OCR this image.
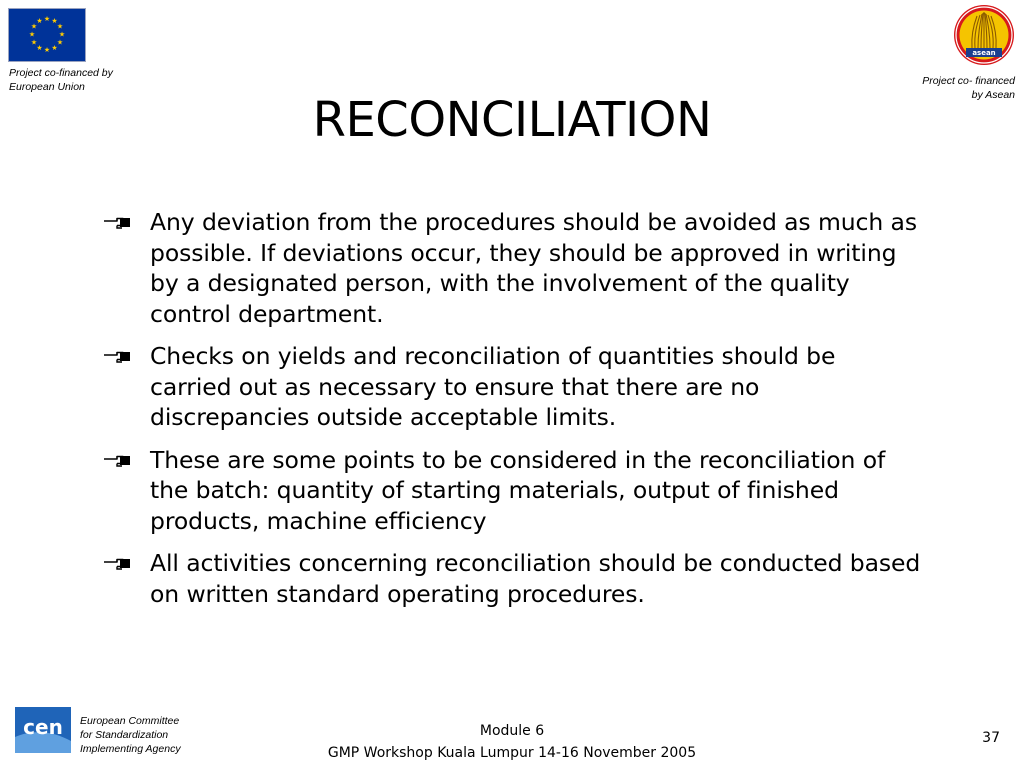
★ ★
★
★
★
★
★
★
★
★
★
★
Project co-financed by
European Union
asean
Project co- financed
by Asean
RECONCILIATION
Any deviation from the procedures should be avoided as much as possible. If deviations occur, they should be approved in writing by a designated person, with the involvement of the quality control department.
Checks on yields and reconciliation of quantities should be carried out as necessary to ensure that there are no discrepancies outside acceptable limits.
These are some points to be considered in the reconciliation of the batch: quantity of starting materials, output of finished products, machine efficiency
All activities concerning reconciliation should be conducted based on written standard operating procedures.
cen European Committee
for Standardization
Implementing Agency
Module 6
GMP Workshop Kuala Lumpur 14-16 November 2005
37
